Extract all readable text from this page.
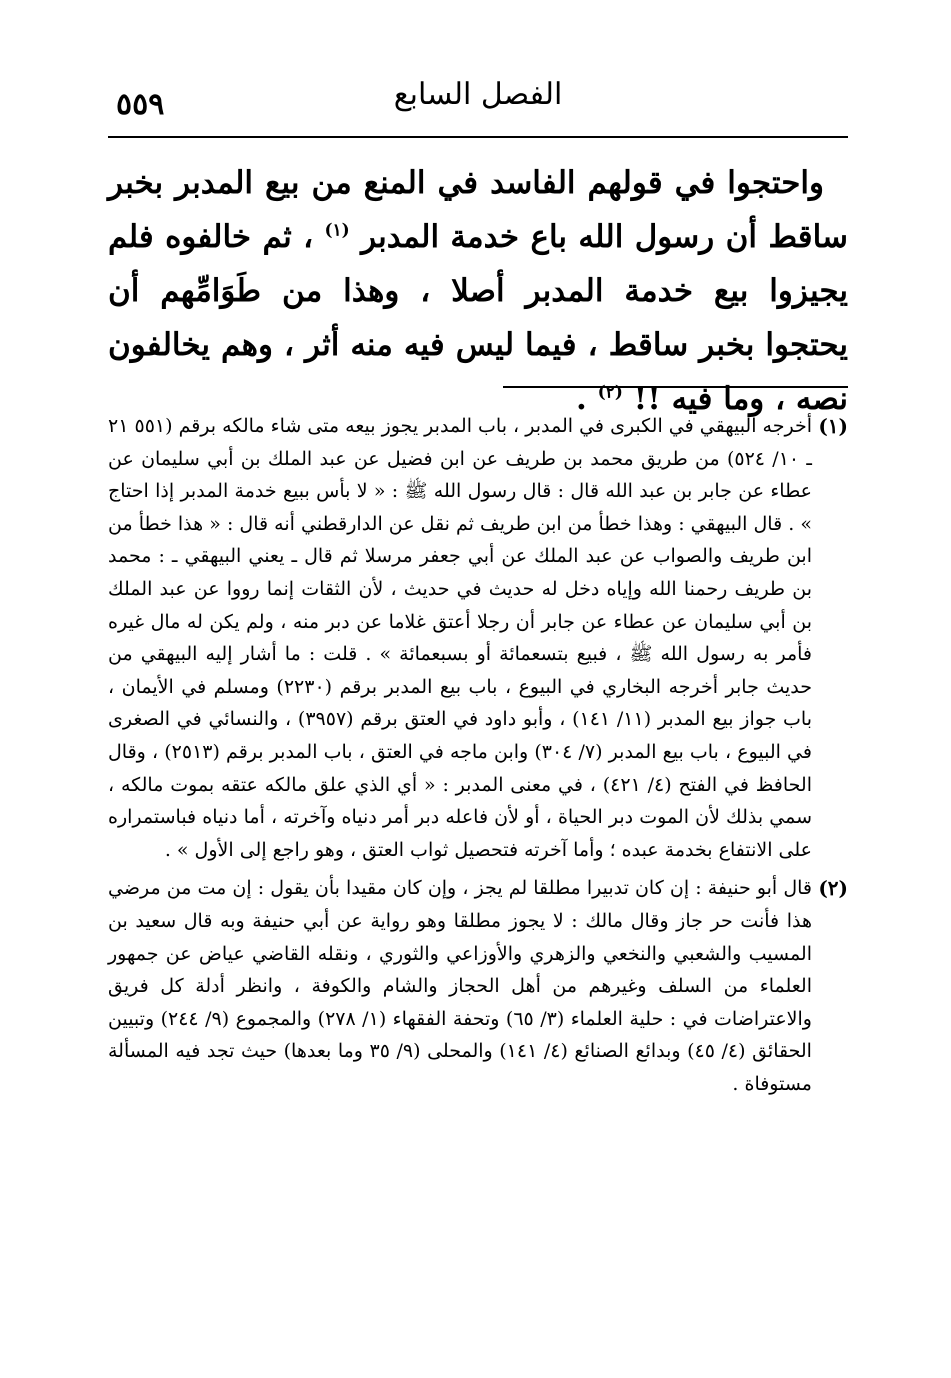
٥٥٩	الفصل السابع

واحتجوا في قولهم الفاسد في المنع من بيع المدبر بخبر ساقط أن رسول الله باع خدمة المدبر $^{(١)}$ ، ثم خالفوه فلم يجيزوا بيع خدمة المدبر أصلا ، وهذا من طَوَامِّهم أن يحتجوا بخبر ساقط ، فيما ليس فيه منه أثر ، وهم يخالفون نصه ، وما فيه !! $^{(٢)}$ .

(١)
أخرجه البيهقي في الكبرى في المدبر ، باب المدبر يجوز بيعه متى شاء مالكه برقم (٥٥١ ٢١ ـ ١٠/ ٥٢٤) من طريق محمد بن طريف عن ابن فضيل عن عبد الملك بن أبي سليمان عن عطاء عن جابر بن عبد الله قال : قال رسول الله ﷺ : « لا بأس ببيع خدمة المدبر إذا احتاج » . قال البيهقي : وهذا خطأ من ابن طريف ثم نقل عن الدارقطني أنه قال : « هذا خطأ من ابن طريف والصواب عن عبد الملك عن أبي جعفر مرسلا ثم قال ـ يعني البيهقي ـ : محمد بن طريف رحمنا الله وإياه دخل له حديث في حديث ، لأن الثقات إنما رووا عن عبد الملك بن أبي سليمان عن عطاء عن جابر أن رجلا أعتق غلاما عن دبر منه ، ولم يكن له مال غيره فأمر به رسول الله ﷺ ، فبيع بتسعمائة أو بسبعمائة » . قلت : ما أشار إليه البيهقي من حديث جابر أخرجه البخاري في البيوع ، باب بيع المدبر برقم (٢٢٣٠) ومسلم في الأيمان ، باب جواز بيع المدبر (١١/ ١٤١) ، وأبو داود في العتق برقم (٣٩٥٧) ، والنسائي في الصغرى في البيوع ، باب بيع المدبر (٧/ ٣٠٤) وابن ماجه في العتق ، باب المدبر برقم (٢٥١٣) ، وقال الحافظ في الفتح (٤/ ٤٢١) ، في معنى المدبر : « أي الذي علق مالكه عتقه بموت مالكه ، سمي بذلك لأن الموت دبر الحياة ، أو لأن فاعله دبر أمر دنياه وآخرته ، أما دنياه فباستمراره على الانتفاع بخدمة عبده ؛ وأما آخرته فتحصيل ثواب العتق ، وهو راجع إلى الأول » .
(٢)
قال أبو حنيفة : إن كان تدبيرا مطلقا لم يجز ، وإن كان مقيدا بأن يقول : إن مت من مرضي هذا فأنت حر جاز وقال مالك : لا يجوز مطلقا وهو رواية عن أبي حنيفة وبه قال سعيد بن المسيب والشعبي والنخعي والزهري والأوزاعي والثوري ، ونقله القاضي عياض عن جمهور العلماء من السلف وغيرهم من أهل الحجاز والشام والكوفة ، وانظر أدلة كل فريق والاعتراضات في : حلية العلماء (٣/ ٦٥) وتحفة الفقهاء (١/ ٢٧٨) والمجموع (٩/ ٢٤٤) وتبيين الحقائق (٤/ ٤٥) وبدائع الصنائع (٤/ ١٤١) والمحلى (٩/ ٣٥ وما بعدها) حيث تجد فيه المسألة مستوفاة .
